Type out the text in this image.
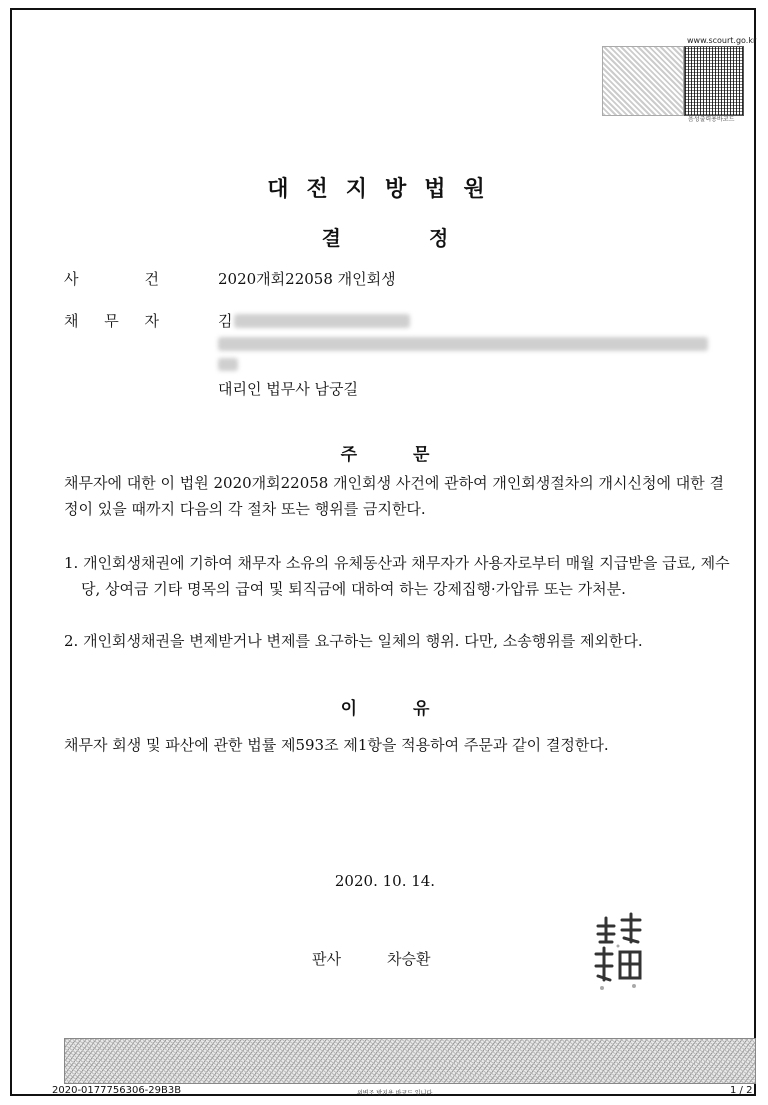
www.scourt.go.kr
음성출력용바코드
대전지방법원
결	정
사 건	2020개회22058 개인회생
채 무 자	김
대리인 법무사 남궁길
주	문
채무자에 대한 이 법원 2020개회22058 개인회생 사건에 관하여 개인회생절차의 개시신청에 대한 결정이 있을 때까지 다음의 각 절차 또는 행위를 금지한다.
1. 개인회생채권에 기하여 채무자 소유의 유체동산과 채무자가 사용자로부터 매월 지급받을 급료, 제수당, 상여금 기타 명목의 급여 및 퇴직금에 대하여 하는 강제집행·가압류 또는 가처분.
2. 개인회생채권을 변제받거나 변제를 요구하는 일체의 행위. 다만, 소송행위를 제외한다.
이	유
채무자 회생 및 파산에 관한 법률 제593조 제1항을 적용하여 주문과 같이 결정한다.
2020. 10. 14.
판사	차승환
2020-0177756306-29B3B	위변조 방지용 바코드 입니다.	1 / 2
